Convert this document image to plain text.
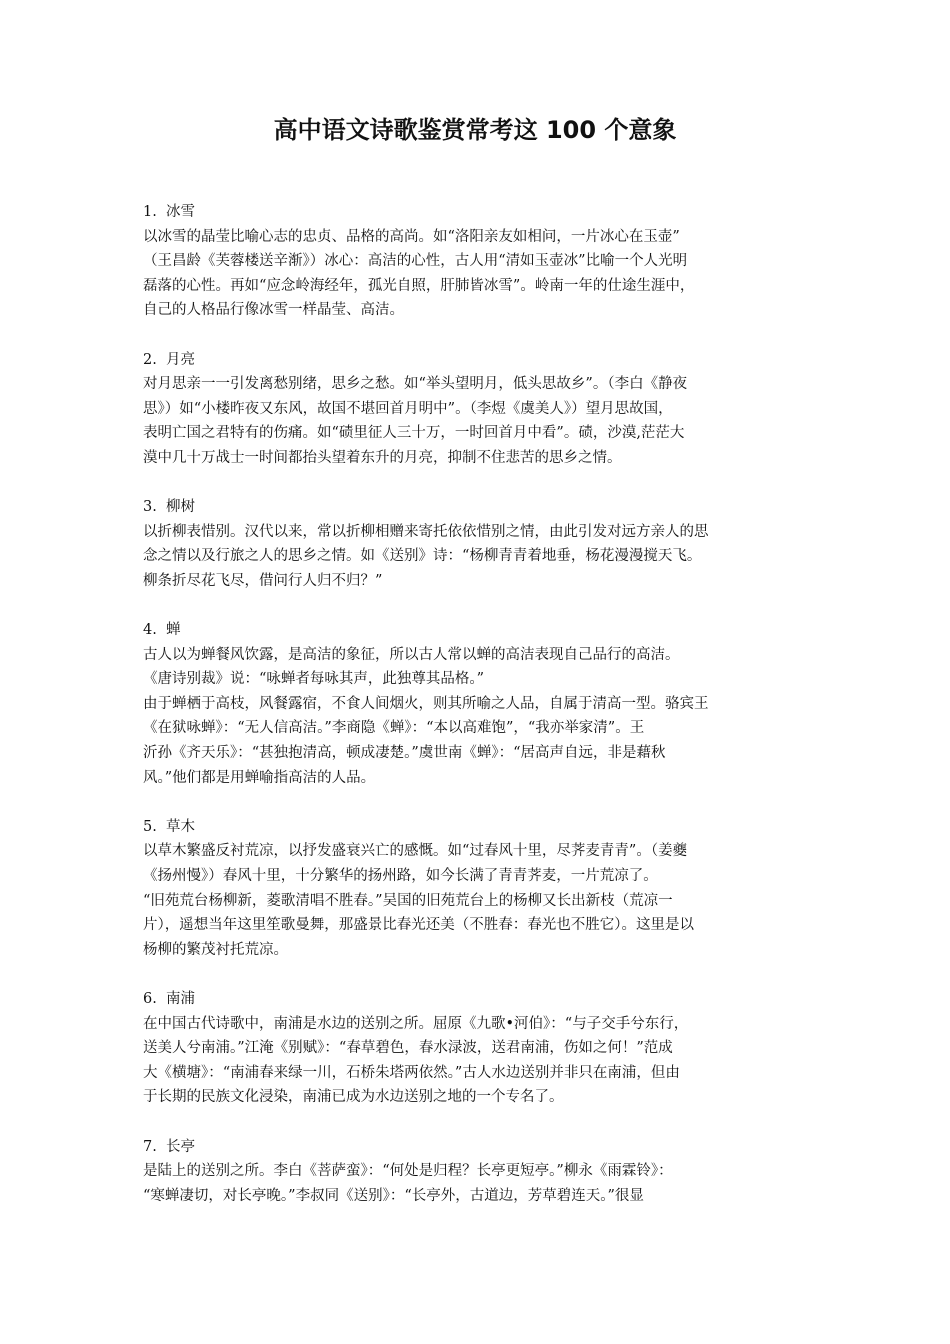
高中语文诗歌鉴赏常考这 100 个意象
1.  冰雪
以冰雪的晶莹比喻心志的忠贞、品格的高尚。如“洛阳亲友如相问，一片冰心在玉壶”
（王昌龄《芙蓉楼送辛渐》）冰心：高洁的心性，古人用“清如玉壶冰”比喻一个人光明
磊落的心性。再如“应念岭海经年，孤光自照，肝肺皆冰雪”。岭南一年的仕途生涯中，
自己的人格品行像冰雪一样晶莹、高洁。
2.  月亮
对月思亲一一引发离愁别绪，思乡之愁。如“举头望明月，低头思故乡”。（李白《静夜
思》）如“小楼昨夜又东风，故国不堪回首月明中”。（李煜《虞美人》）望月思故国，
表明亡国之君特有的伤痛。如“碛里征人三十万，一时回首月中看”。碛，沙漠,茫茫大
漠中几十万战士一时间都抬头望着东升的月亮，抑制不住悲苦的思乡之情。
3.  柳树
以折柳表惜别。汉代以来，常以折柳相赠来寄托依依惜别之情，由此引发对远方亲人的思
念之情以及行旅之人的思乡之情。如《送别》诗：“杨柳青青着地垂，杨花漫漫搅天飞。
柳条折尽花飞尽，借问行人归不归？”
4.  蝉
古人以为蝉餐风饮露，是高洁的象征，所以古人常以蝉的高洁表现自己品行的高洁。
《唐诗别裁》说：“咏蝉者每咏其声，此独尊其品格。”
由于蝉栖于高枝，风餐露宿，不食人间烟火，则其所喻之人品，自属于清高一型。骆宾王
《在狱咏蝉》：“无人信高洁。”李商隐《蝉》：“本以高难饱”，“我亦举家清”。王
沂孙《齐天乐》：“甚独抱清高，顿成凄楚。”虞世南《蝉》：“居高声自远，非是藉秋
风。”他们都是用蝉喻指高洁的人品。
5.  草木
以草木繁盛反衬荒凉，以抒发盛衰兴亡的感慨。如“过春风十里，尽荠麦青青”。（姜夔
《扬州慢》）春风十里，十分繁华的扬州路，如今长满了青青荠麦，一片荒凉了。
“旧苑荒台杨柳新，菱歌清唱不胜春。”吴国的旧苑荒台上的杨柳又长出新枝（荒凉一
片），遥想当年这里笙歌曼舞，那盛景比春光还美（不胜春：春光也不胜它）。这里是以
杨柳的繁茂衬托荒凉。
6.  南浦
在中国古代诗歌中，南浦是水边的送别之所。屈原《九歌•河伯》：“与子交手兮东行，
送美人兮南浦。”江淹《别赋》：“春草碧色，春水渌波，送君南浦，伤如之何！”范成
大《横塘》：“南浦春来绿一川，石桥朱塔两依然。”古人水边送别并非只在南浦，但由
于长期的民族文化浸染，南浦已成为水边送别之地的一个专名了。
7.  长亭
是陆上的送别之所。李白《菩萨蛮》：“何处是归程？长亭更短亭。”柳永《雨霖铃》：
“寒蝉凄切，对长亭晚。”李叔同《送别》：“长亭外，古道边，芳草碧连天。”很显
